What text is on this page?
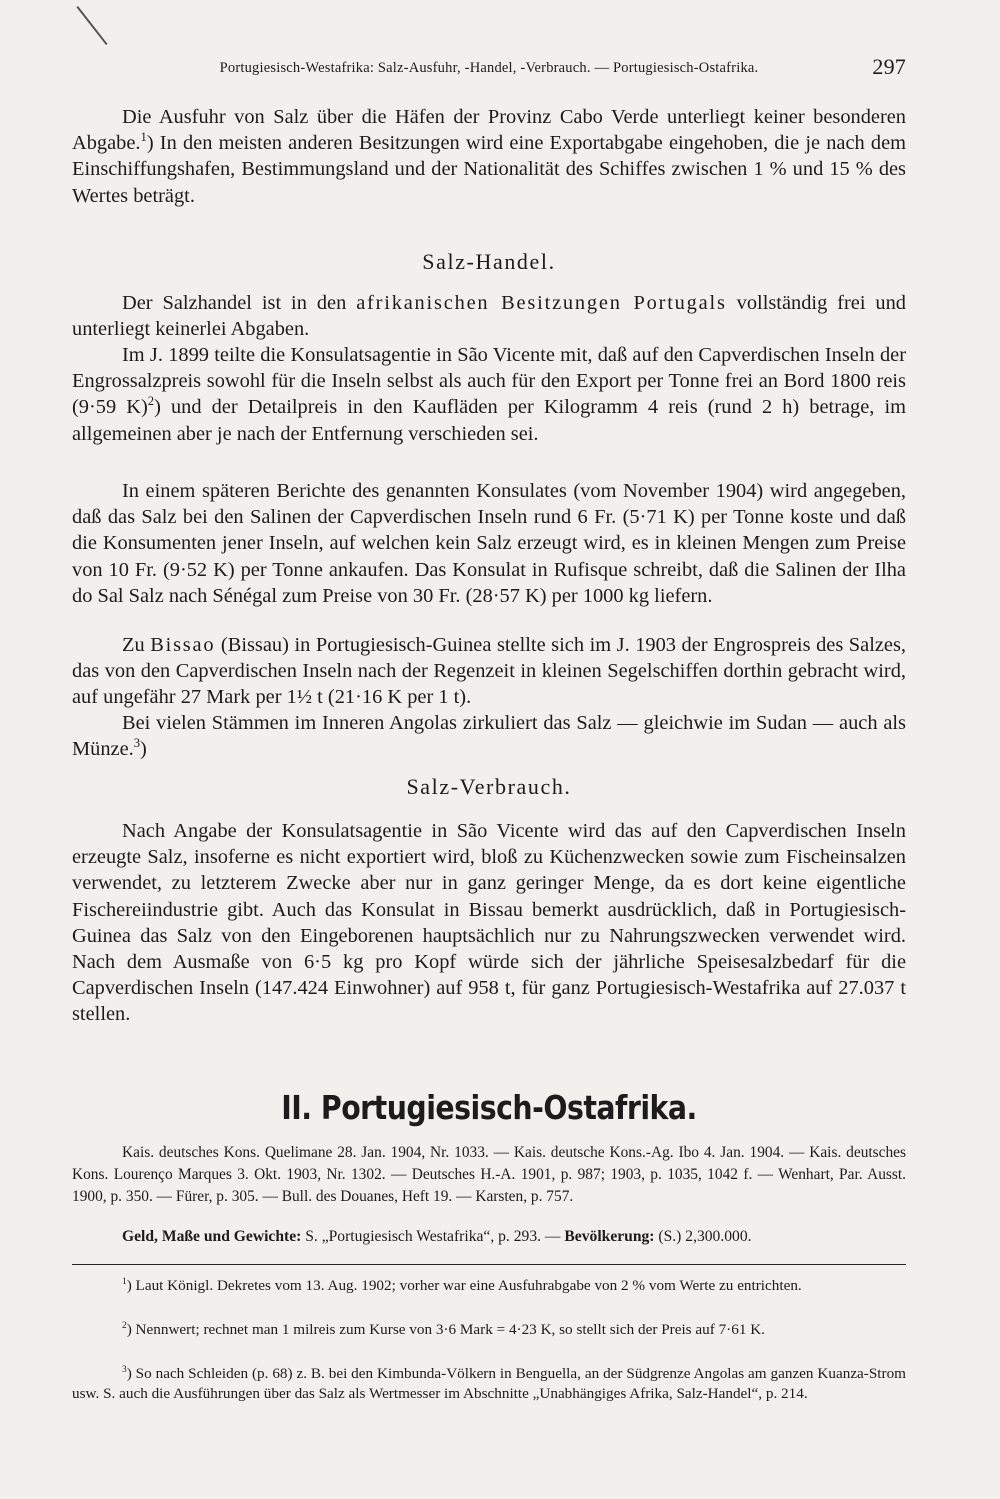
Portugiesisch-Westafrika: Salz-Ausfuhr, -Handel, -Verbrauch. — Portugiesisch-Ostafrika.	297

Die Ausfuhr von Salz über die Häfen der Provinz Cabo Verde unterliegt keiner besonderen Abgabe.$^1$) In den meisten anderen Besitzungen wird eine Exportabgabe eingehoben, die je nach dem Einschiffungshafen, Bestimmungsland und der Nationalität des Schiffes zwischen 1 % und 15 % des Wertes beträgt.

Salz-Handel.

Der Salzhandel ist in den afrikanischen Besitzungen Portugals vollständig frei und unterliegt keinerlei Abgaben.

Im J. 1899 teilte die Konsulatsagentie in São Vicente mit, daß auf den Capverdischen Inseln der Engrossalzpreis sowohl für die Inseln selbst als auch für den Export per Tonne frei an Bord 1800 reis (9·59 K)$^2$) und der Detailpreis in den Kaufläden per Kilogramm 4 reis (rund 2 h) betrage, im allgemeinen aber je nach der Entfernung verschieden sei.

In einem späteren Berichte des genannten Konsulates (vom November 1904) wird angegeben, daß das Salz bei den Salinen der Capverdischen Inseln rund 6 Fr. (5·71 K) per Tonne koste und daß die Konsumenten jener Inseln, auf welchen kein Salz erzeugt wird, es in kleinen Mengen zum Preise von 10 Fr. (9·52 K) per Tonne ankaufen. Das Konsulat in Rufisque schreibt, daß die Salinen der Ilha do Sal Salz nach Sénégal zum Preise von 30 Fr. (28·57 K) per 1000 kg liefern.

Zu Bissao (Bissau) in Portugiesisch-Guinea stellte sich im J. 1903 der Engrospreis des Salzes, das von den Capverdischen Inseln nach der Regenzeit in kleinen Segelschiffen dorthin gebracht wird, auf ungefähr 27 Mark per 1½ t (21·16 K per 1 t).

Bei vielen Stämmen im Inneren Angolas zirkuliert das Salz — gleichwie im Sudan — auch als Münze.$^3$)

Salz-Verbrauch.

Nach Angabe der Konsulatsagentie in São Vicente wird das auf den Capverdischen Inseln erzeugte Salz, insoferne es nicht exportiert wird, bloß zu Küchenzwecken sowie zum Fischeinsalzen verwendet, zu letzterem Zwecke aber nur in ganz geringer Menge, da es dort keine eigentliche Fischereiindustrie gibt. Auch das Konsulat in Bissau bemerkt ausdrücklich, daß in Portugiesisch-Guinea das Salz von den Eingeborenen hauptsächlich nur zu Nahrungszwecken verwendet wird. Nach dem Ausmaße von 6·5 kg pro Kopf würde sich der jährliche Speisesalzbedarf für die Capverdischen Inseln (147.424 Einwohner) auf 958 t, für ganz Portugiesisch-Westafrika auf 27.037 t stellen.

II. Portugiesisch-Ostafrika.

Kais. deutsches Kons. Quelimane 28. Jan. 1904, Nr. 1033. — Kais. deutsche Kons.-Ag. Ibo 4. Jan. 1904. — Kais. deutsches Kons. Lourenço Marques 3. Okt. 1903, Nr. 1302. — Deutsches H.-A. 1901, p. 987; 1903, p. 1035, 1042 f. — Wenhart, Par. Ausst. 1900, p. 350. — Fürer, p. 305. — Bull. des Douanes, Heft 19. — Karsten, p. 757.

Geld, Maße und Gewichte: S. „Portugiesisch Westafrika“, p. 293. — Bevölkerung: (S.) 2,300.000.

$^1$) Laut Königl. Dekretes vom 13. Aug. 1902; vorher war eine Ausfuhrabgabe von 2 % vom Werte zu entrichten.

$^2$) Nennwert; rechnet man 1 milreis zum Kurse von 3·6 Mark = 4·23 K, so stellt sich der Preis auf 7·61 K.

$^3$) So nach Schleiden (p. 68) z. B. bei den Kimbunda-Völkern in Benguella, an der Südgrenze Angolas am ganzen Kuanza-Strom usw. S. auch die Ausführungen über das Salz als Wertmesser im Abschnitte „Unabhängiges Afrika, Salz-Handel“, p. 214.
